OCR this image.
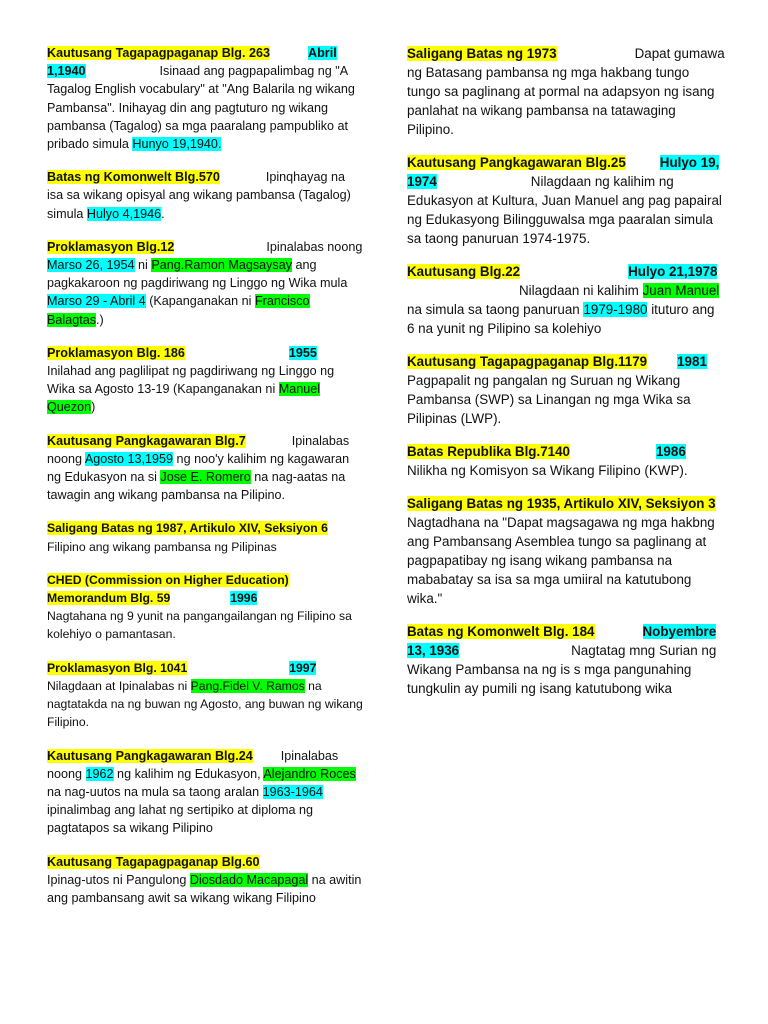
Kautusang Tagapagpaganap Blg. 263	Abril 1,1940	Isinaad ang pagpapalimbag ng "A Tagalog English vocabulary" at "Ang Balarila ng wikang Pambansa". Inihayag din ang pagtuturo ng wikang pambansa (Tagalog) sa mga paaralang pampubliko at pribado simula Hunyo 19,1940.
Batas ng Komonwelt Blg.570	Ipinqhayag na isa sa wikang opisyal ang wikang pambansa (Tagalog) simula Hulyo 4,1946.
Proklamasyon Blg.12	Ipinalabas noong Marso 26, 1954 ni Pang.Ramon Magsaysay ang pagkakaroon ng pagdiriwang ng Linggo ng Wika mula Marso 29 - Abril 4 (Kapanganakan ni Francisco Balagtas.)
Proklamasyon Blg. 186	1955
Inilahad ang paglilipat ng pagdiriwang ng Linggo ng Wika sa Agosto 13-19 (Kapanganakan ni Manuel Quezon)
Kautusang Pangkagawaran Blg.7	Ipinalabas noong Agosto 13,1959 ng noo'y kalihim ng kagawaran ng Edukasyon na si Jose E. Romero na nag-aatas na tawagin ang wikang pambansa na Pilipino.
Saligang Batas ng 1987, Artikulo XIV, Seksiyon 6
Filipino ang wikang pambansa ng Pilipinas
CHED (Commission on Higher Education) Memorandum Blg. 59	1996
Nagtahana ng 9 yunit na pangangailangan ng Filipino sa kolehiyo o pamantasan.
Proklamasyon Blg. 1041	1997
Nilagdaan at Ipinalabas ni Pang.Fidel V. Ramos na nagtatakda na ng buwan ng Agosto, ang buwan ng wikang Filipino.
Kautusang Pangkagawaran Blg.24 Ipinalabas noong 1962 ng kalihim ng Edukasyon, Alejandro Roces na nag-uutos na mula sa taong aralan 1963-1964 ipinalimbag ang lahat ng sertipiko at diploma ng pagtatapos sa wikang Pilipino
Kautusang Tagapagpaganap Blg.60
Ipinag-utos ni Pangulong Diosdado Macapagal na awitin ang pambansang awit sa wikang wikang Filipino
Saligang Batas ng 1973	Dapat gumawa ng Batasang pambansa ng mga hakbang tungo tungo sa paglinang at pormal na adapsyon ng isang panlahat na wikang pambansa na tatawaging Pilipino.
Kautusang Pangkagawaran Blg.25	Hulyo 19, 1974	Nilagdaan ng kalihim ng Edukasyon at Kultura, Juan Manuel ang pag papairal ng Edukasyong Bilingguwalsa mga paaralan simula sa taong panuruan 1974-1975.
Kautusang Blg.22	Hulyo 21,1978Nilagdaan ni kalihim Juan Manuel na simula sa taong panuruan 1979-1980 ituturo ang 6 na yunit ng Pilipino sa kolehiyo
Kautusang Tagapagpaganap Blg.1179 1981
Pagpapalit ng pangalan ng Suruan ng Wikang Pambansa (SWP) sa Linangan ng mga Wika sa Pilipinas (LWP).
Batas Republika Blg.7140	1986
Nilikha ng Komisyon sa Wikang Filipino (KWP).
Saligang Batas ng 1935, Artikulo XIV, Seksiyon 3
Nagtadhana na "Dapat magsagawa ng mga hakbng ang Pambansang Asemblea tungo sa paglinang at pagpapatibay ng isang wikang pambansa na mababatay sa isa sa mga umiiral na katutubong wika."
Batas ng Komonwelt Blg. 184	Nobyembre 13, 1936	Nagtatag mng Surian ng Wikang Pambansa na ng is s mga pangunahing tungkulin ay pumili ng isang katutubong wika
